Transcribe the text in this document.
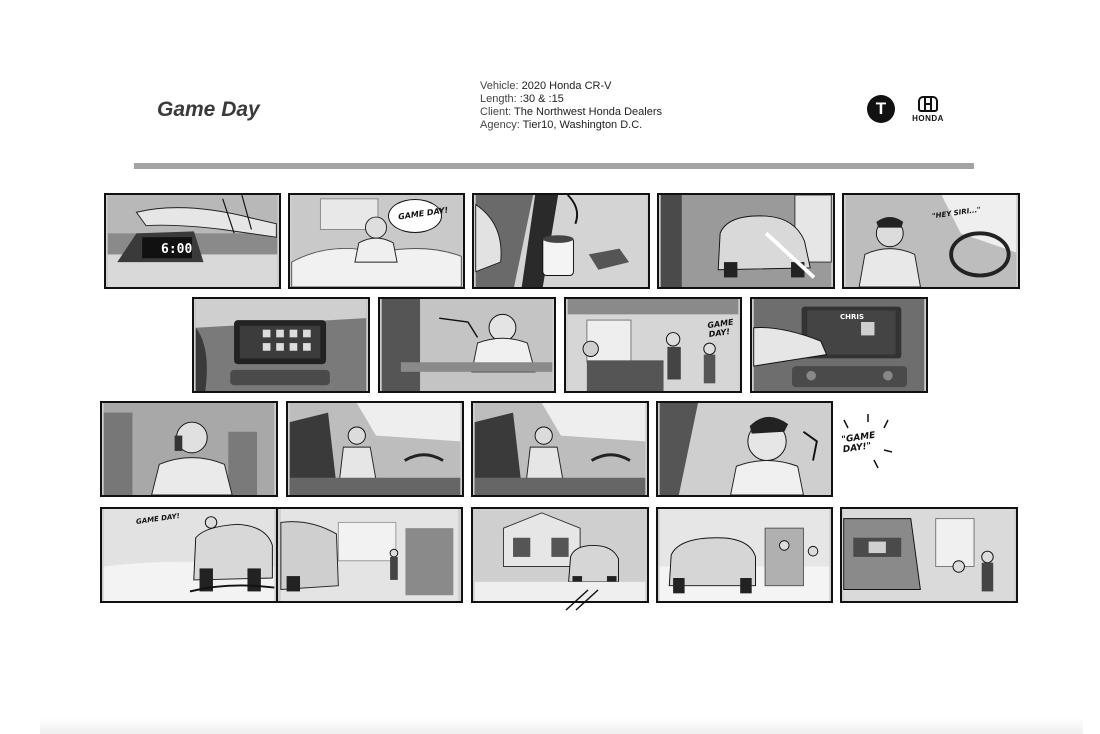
Game Day
Vehicle: 2020 Honda CR-V
Length: :30 & :15
Client: The Northwest Honda Dealers
Agency: Tier10, Washington D.C.
T
HONDA
6:00
GAME DAY!	"HEY SIRI..."
GAME DAY!
CHRIS
"GAME DAY!"
GAME DAY!
